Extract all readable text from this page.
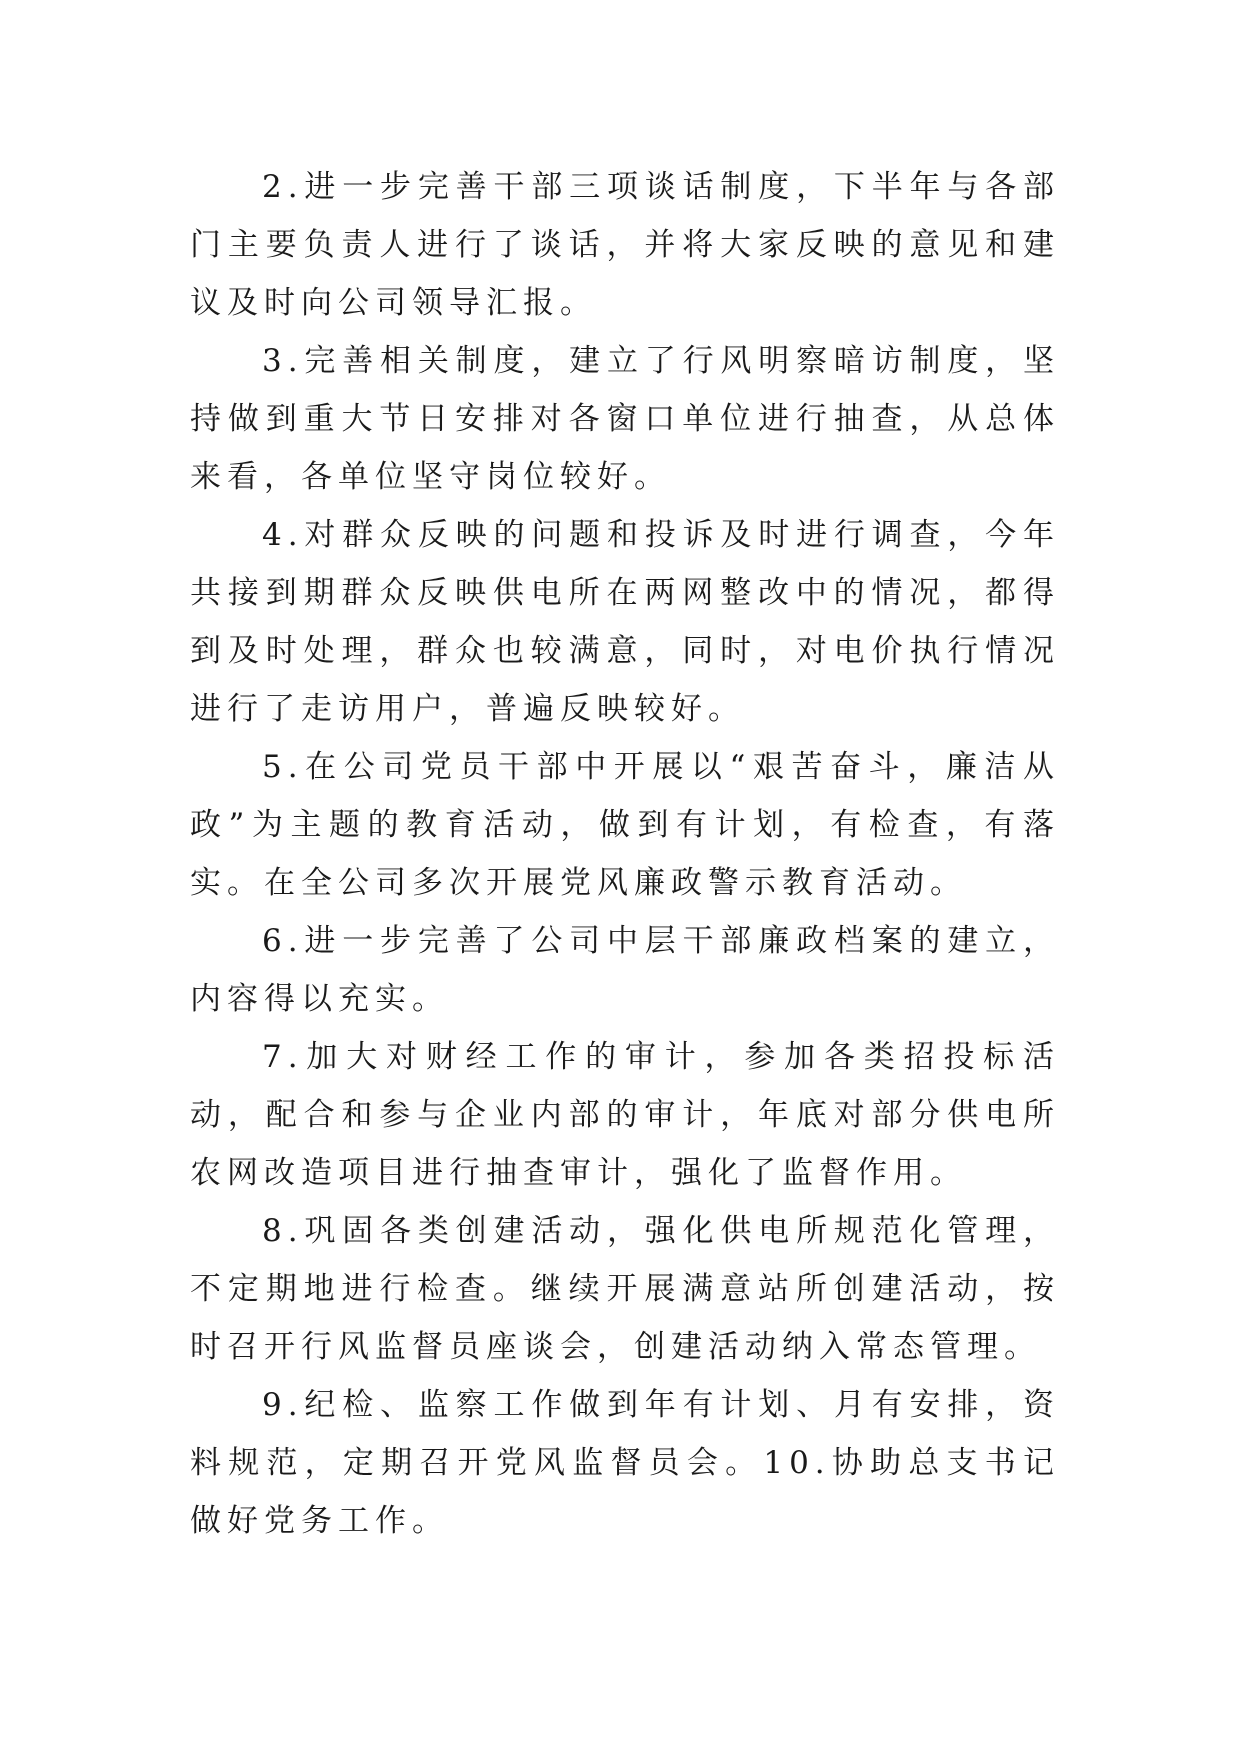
2.进一步完善干部三项谈话制度，下半年与各部门主要负责人进行了谈话，并将大家反映的意见和建议及时向公司领导汇报。

3.完善相关制度，建立了行风明察暗访制度，坚持做到重大节日安排对各窗口单位进行抽查，从总体来看，各单位坚守岗位较好。

4.对群众反映的问题和投诉及时进行调查，今年共接到期群众反映供电所在两网整改中的情况，都得到及时处理，群众也较满意，同时，对电价执行情况进行了走访用户，普遍反映较好。

5.在公司党员干部中开展以“艰苦奋斗，廉洁从政”为主题的教育活动，做到有计划，有检查，有落实。在全公司多次开展党风廉政警示教育活动。

6.进一步完善了公司中层干部廉政档案的建立，内容得以充实。

7.加大对财经工作的审计，参加各类招投标活动，配合和参与企业内部的审计，年底对部分供电所农网改造项目进行抽查审计，强化了监督作用。

8.巩固各类创建活动，强化供电所规范化管理，不定期地进行检查。继续开展满意站所创建活动，按时召开行风监督员座谈会，创建活动纳入常态管理。

9.纪检、监察工作做到年有计划、月有安排，资料规范，定期召开党风监督员会。10.协助总支书记做好党务工作。
